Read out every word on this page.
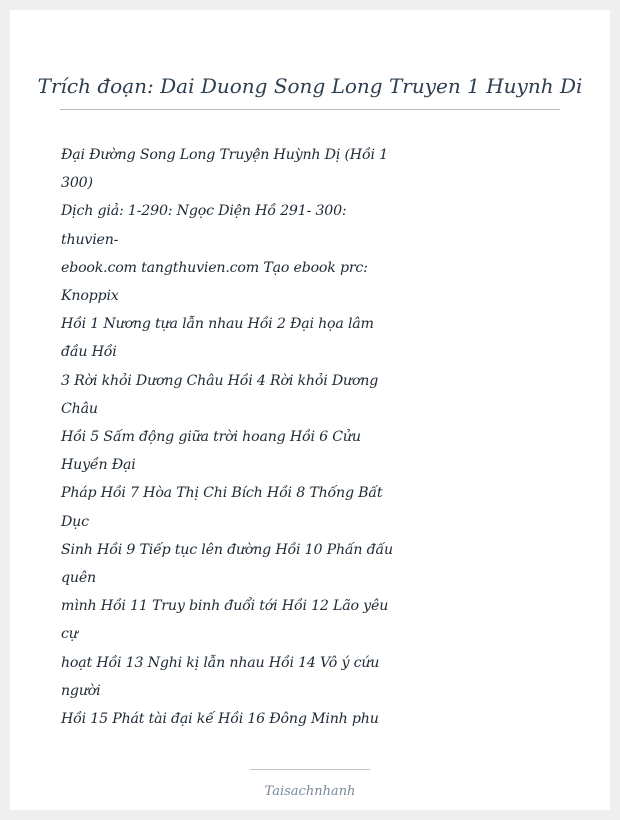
Trích đoạn: Dai Duong Song Long Truyen 1 Huynh Di
Đại Đường Song Long Truyện Huỳnh Dị (Hồi 1
300)
Dịch giả: 1-290: Ngọc Diện Hồ 291- 300:
thuvien-
ebook.com tangthuvien.com Tạo ebook prc:
Knoppix
Hồi 1 Nương tựa lẫn nhau Hồi 2 Đại họa lâm
đầu Hồi
3 Rời khỏi Dương Châu Hồi 4 Rời khỏi Dương
Châu
Hồi 5 Sấm động giữa trời hoang Hồi 6 Cửu
Huyền Đại
Pháp Hồi 7 Hòa Thị Chi Bích Hồi 8 Thống Bất
Dục
Sinh Hồi 9 Tiếp tục lên đường Hồi 10 Phấn đấu
quên
mình Hồi 11 Truy binh đuổi tới Hồi 12 Lão yêu
cự
hoạt Hồi 13 Nghi kị lẫn nhau Hồi 14 Vô ý cứu
người
Hồi 15 Phát tài đại kế Hồi 16 Đông Minh phu
Taisachnhanh
